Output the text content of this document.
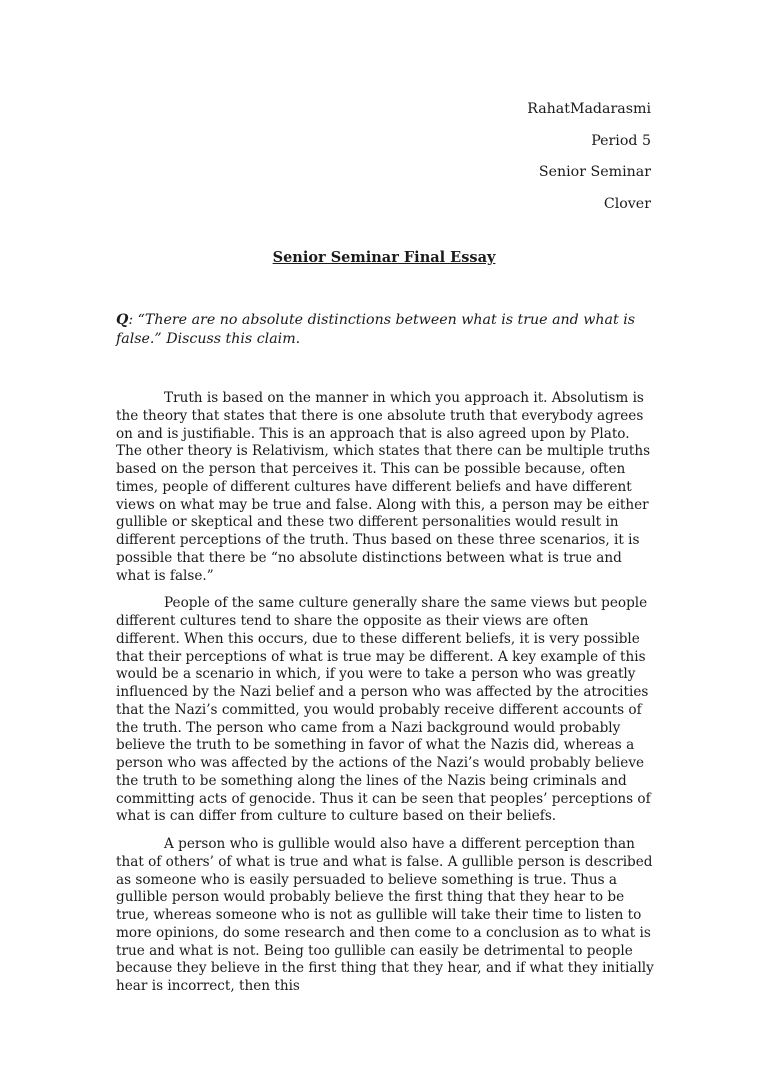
RahatMadarasmi
Period 5
Senior Seminar
Clover
Senior Seminar Final Essay
Q: “There are no absolute distinctions between what is true and what is false.” Discuss this claim.

Truth is based on the manner in which you approach it. Absolutism is the theory that states that there is one absolute truth that everybody agrees on and is justifiable. This is an approach that is also agreed upon by Plato. The other theory is Relativism, which states that there can be multiple truths based on the person that perceives it. This can be possible because, often times, people of different cultures have different beliefs and have different views on what may be true and false. Along with this, a person may be either gullible or skeptical and these two different personalities would result in different perceptions of the truth. Thus based on these three scenarios, it is possible that there be “no absolute distinctions between what is true and what is false.”

People of the same culture generally share the same views but people different cultures tend to share the opposite as their views are often different. When this occurs, due to these different beliefs, it is very possible that their perceptions of what is true may be different. A key example of this would be a scenario in which, if you were to take a person who was greatly influenced by the Nazi belief and a person who was affected by the atrocities that the Nazi’s committed, you would probably receive different accounts of the truth. The person who came from a Nazi background would probably believe the truth to be something in favor of what the Nazis did, whereas a person who was affected by the actions of the Nazi’s would probably believe the truth to be something along the lines of the Nazis being criminals and committing acts of genocide. Thus it can be seen that peoples’ perceptions of what is can differ from culture to culture based on their beliefs.

A person who is gullible would also have a different perception than that of others’ of what is true and what is false. A gullible person is described as someone who is easily persuaded to believe something is true. Thus a gullible person would probably believe the first thing that they hear to be true, whereas someone who is not as gullible will take their time to listen to more opinions, do some research and then come to a conclusion as to what is true and what is not. Being too gullible can easily be detrimental to people because they believe in the first thing that they hear, and if what they initially hear is incorrect, then this
